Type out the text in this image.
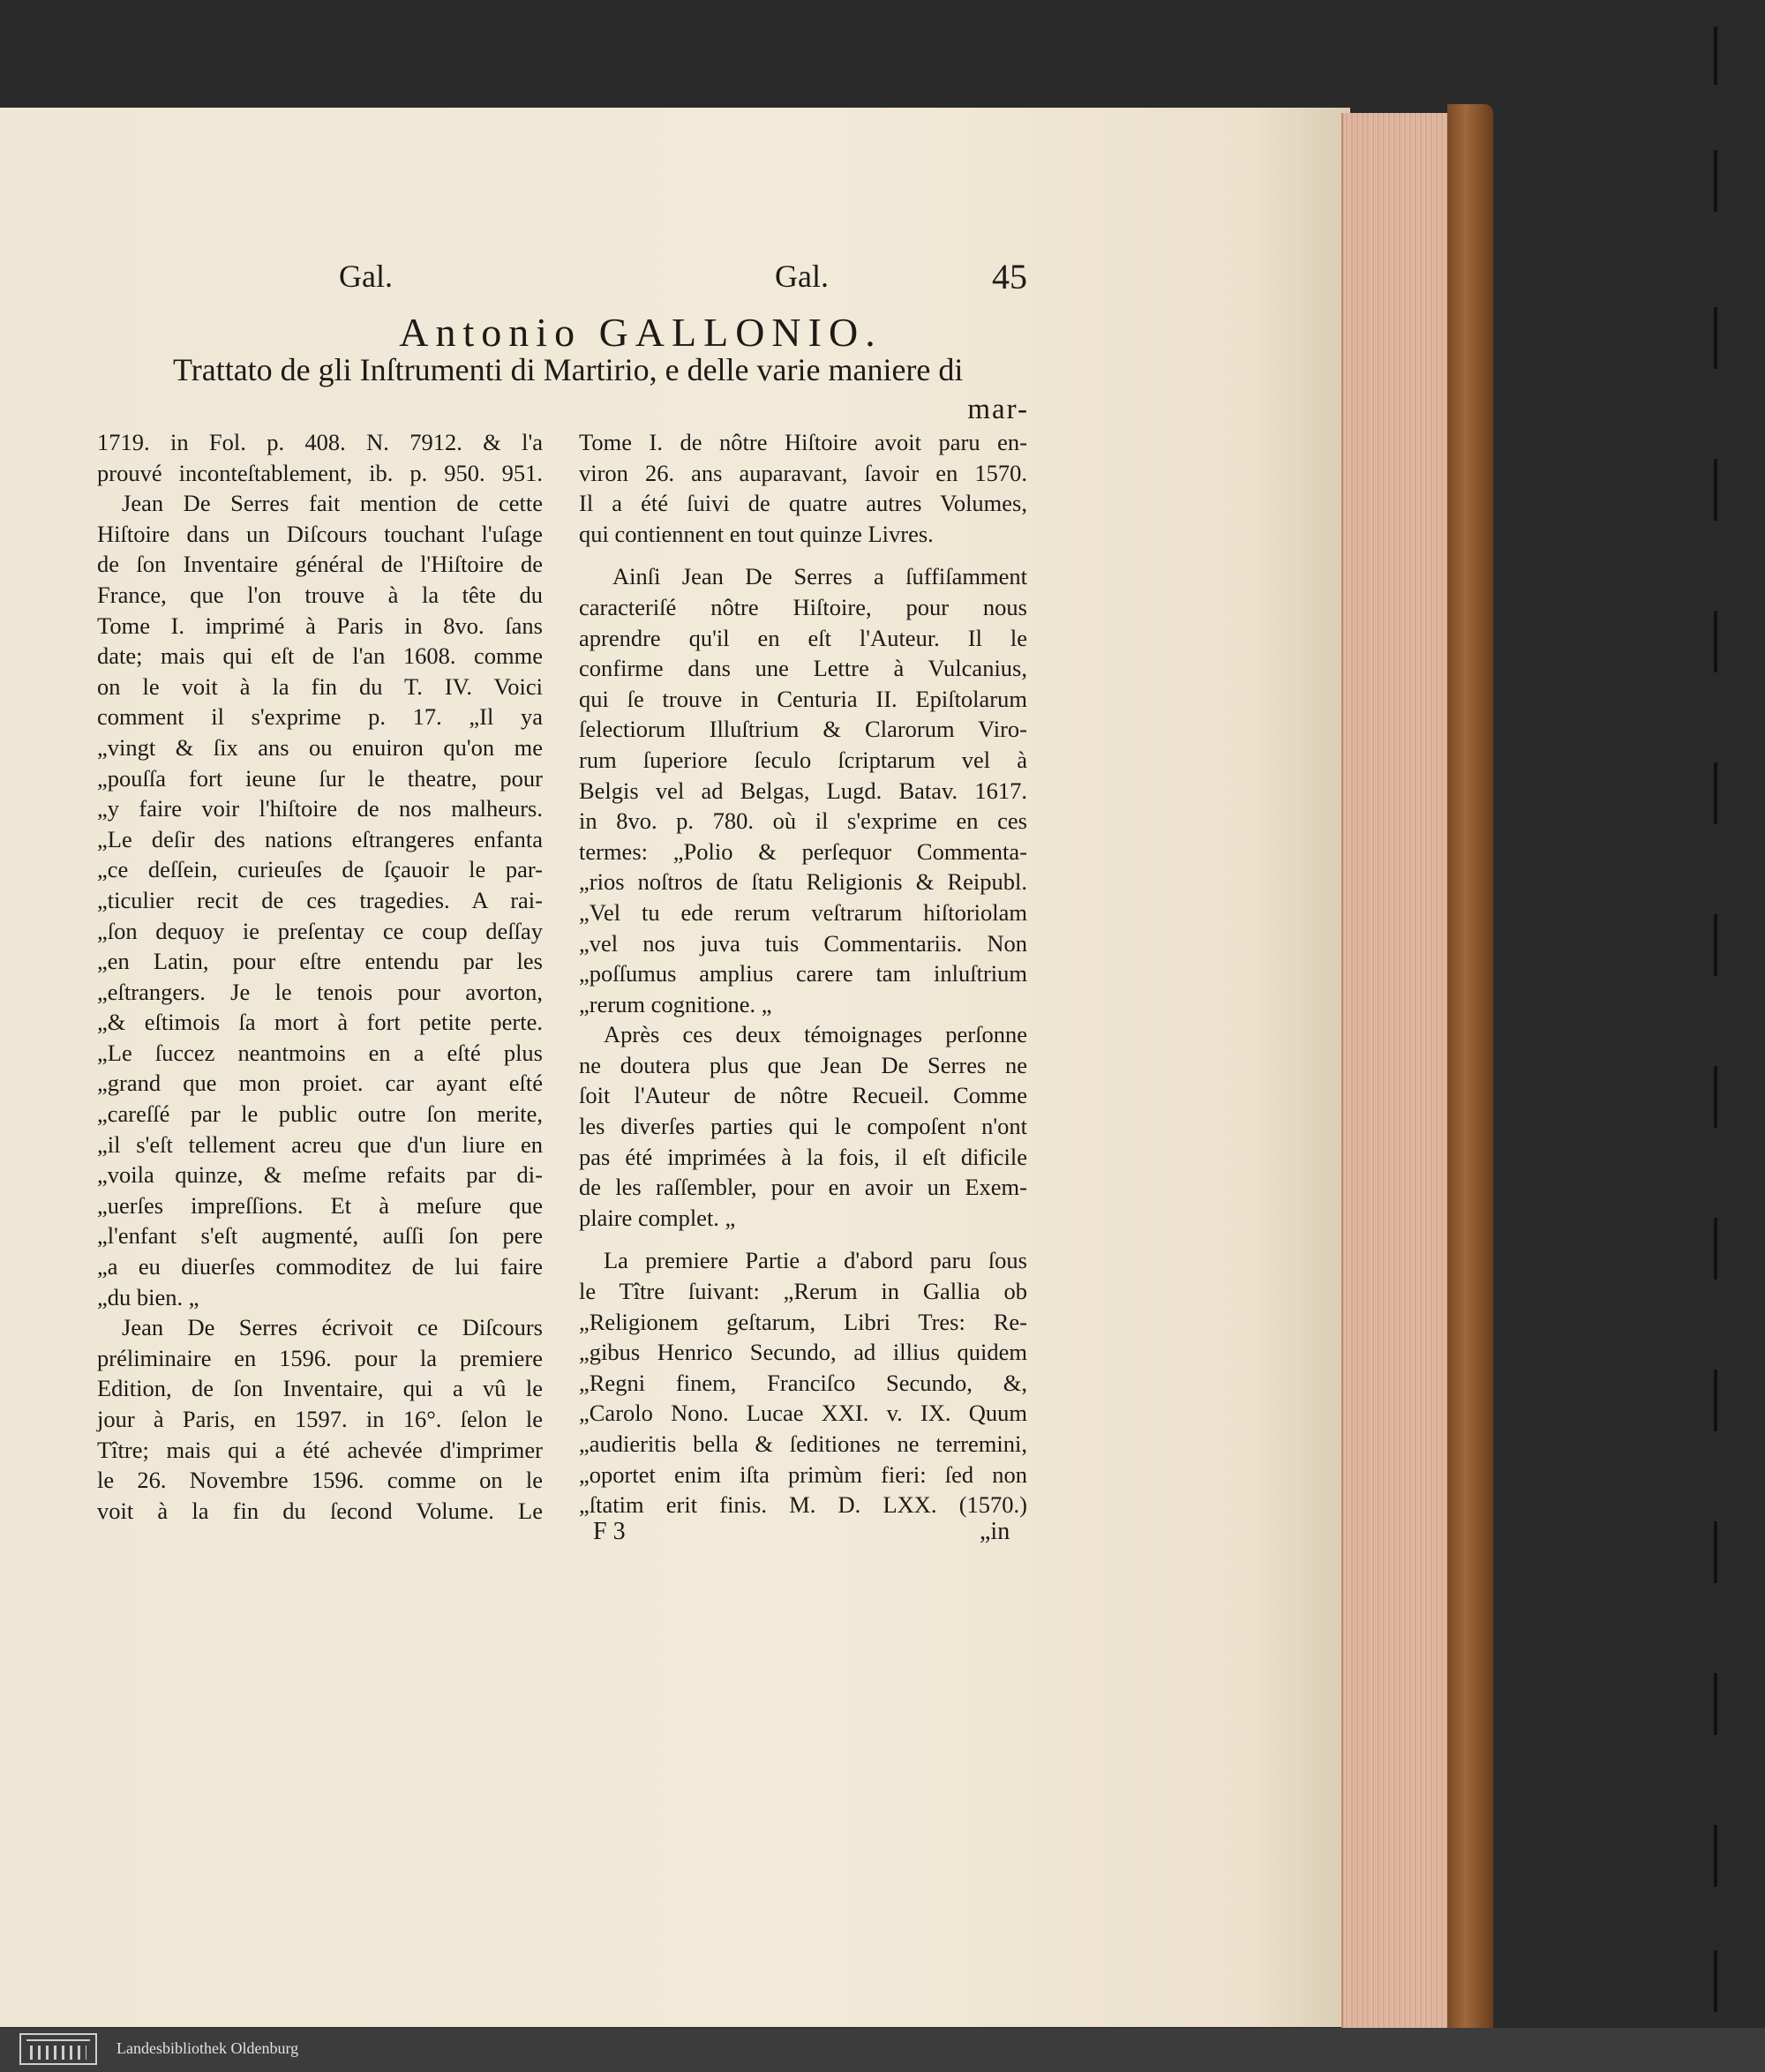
Gal.	Gal.	45
Antonio GALLONIO.
Trattato de gli Inſtrumenti di Martirio, e delle varie maniere di
mar-
1719. in Fol. p. 408. N. 7912. & l'a
prouvé inconteſtablement, ib. p. 950. 951.
Jean De Serres fait mention de cette
Hiſtoire dans un Diſcours touchant l'uſage
de ſon Inventaire général de l'Hiſtoire de
France, que l'on trouve à la tête du
Tome I. imprimé à Paris in 8vo. ſans
date; mais qui eſt de l'an 1608. comme
on le voit à la fin du T. IV. Voici
comment il s'exprime p. 17. „Il ya
„vingt & ſix ans ou enuiron qu'on me
„pouſſa fort ieune ſur le theatre, pour
„y faire voir l'hiſtoire de nos malheurs.
„Le deſir des nations eſtrangeres enfanta
„ce deſſein, curieuſes de ſçauoir le par-
„ticulier recit de ces tragedies. A rai-
„ſon dequoy ie preſentay ce coup deſſay
„en Latin, pour eſtre entendu par les
„eſtrangers. Je le tenois pour avorton,
„& eſtimois ſa mort à fort petite perte.
„Le ſuccez neantmoins en a eſté plus
„grand que mon proiet. car ayant eſté
„careſſé par le public outre ſon merite,
„il s'eſt tellement acreu que d'un liure en
„voila quinze, & meſme refaits par di-
„uerſes impreſſions. Et à meſure que
„l'enfant s'eſt augmenté, auſſi ſon pere
„a eu diuerſes commoditez de lui faire
„du bien. „
Jean De Serres écrivoit ce Diſcours
préliminaire en 1596. pour la premiere
Edition, de ſon Inventaire, qui a vû le
jour à Paris, en 1597. in 16°. ſelon le
Tître; mais qui a été achevée d'imprimer
le 26. Novembre 1596. comme on le
voit à la fin du ſecond Volume. Le
Tome I. de nôtre Hiſtoire avoit paru en-
viron 26. ans auparavant, ſavoir en 1570.
Il a été ſuivi de quatre autres Volumes,
qui contiennent en tout quinze Livres.
Ainſi Jean De Serres a ſuffiſamment
caracteriſé nôtre Hiſtoire, pour nous
aprendre qu'il en eſt l'Auteur. Il le
confirme dans une Lettre à Vulcanius,
qui ſe trouve in Centuria II. Epiſtolarum
ſelectiorum Illuſtrium & Clarorum Viro-
rum ſuperiore ſeculo ſcriptarum vel à
Belgis vel ad Belgas, Lugd. Batav. 1617.
in 8vo. p. 780. où il s'exprime en ces
termes: „Polio & perſequor Commenta-
„rios noſtros de ſtatu Religionis & Reipubl.
„Vel tu ede rerum veſtrarum hiſtoriolam
„vel nos juva tuis Commentariis. Non
„poſſumus amplius carere tam inluſtrium
„rerum cognitione. „
Après ces deux témoignages perſonne
ne doutera plus que Jean De Serres ne
ſoit l'Auteur de nôtre Recueil. Comme
les diverſes parties qui le compoſent n'ont
pas été imprimées à la fois, il eſt dificile
de les raſſembler, pour en avoir un Exem-
plaire complet. „
La premiere Partie a d'abord paru ſous
le Tître ſuivant: „Rerum in Gallia ob
„Religionem geſtarum, Libri Tres: Re-
„gibus Henrico Secundo, ad illius quidem
„Regni finem, Franciſco Secundo, &,
„Carolo Nono. Lucae XXI. v. IX. Quum
„audieritis bella & ſeditiones ne terremini,
„oportet enim iſta primùm fieri: ſed non
„ſtatim erit finis. M. D. LXX. (1570.)
F 3	„in
Landesbibliothek Oldenburg
